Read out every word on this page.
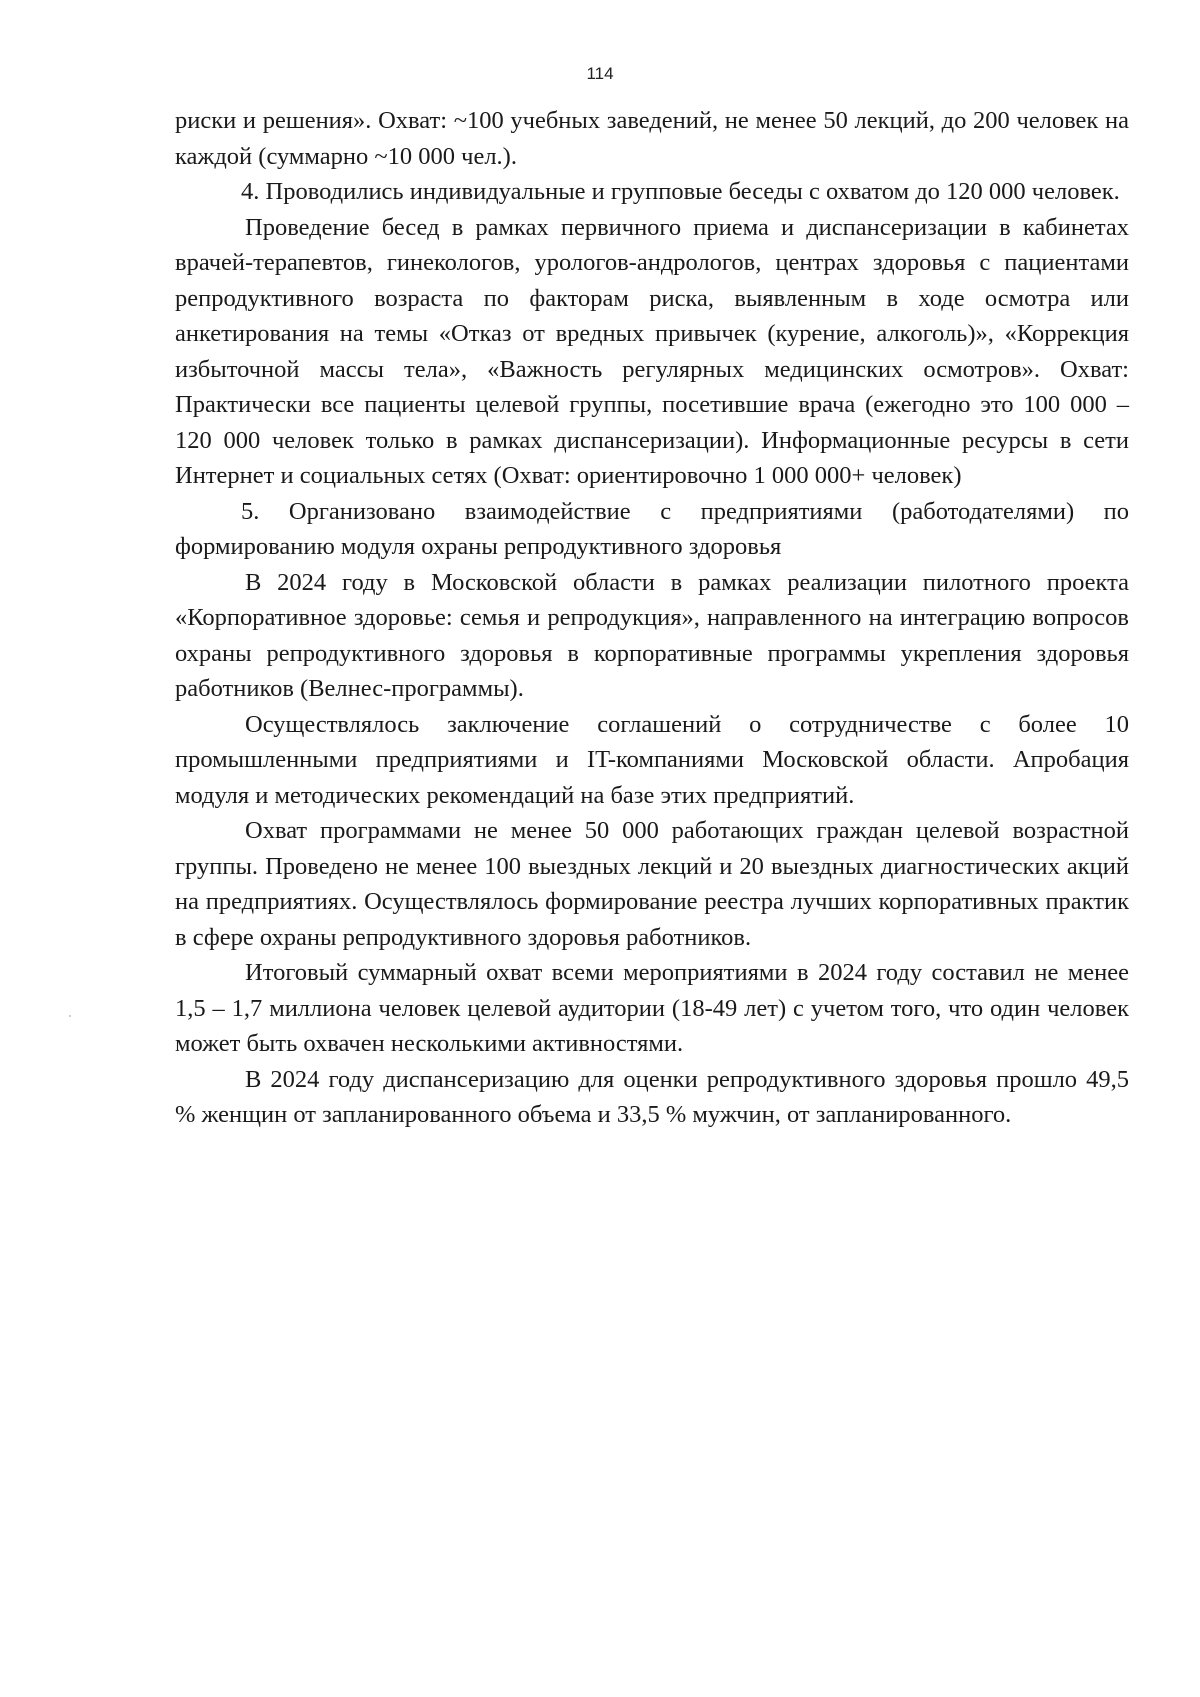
114

риски и решения». Охват: ~100 учебных заведений, не менее 50 лекций, до 200 человек на каждой (суммарно ~10 000 чел.).

4. Проводились индивидуальные и групповые беседы с охватом до 120 000 человек.

Проведение бесед в рамках первичного приема и диспансеризации в кабинетах врачей-терапевтов, гинекологов, урологов-андрологов, центрах здоровья с пациентами репродуктивного возраста по факторам риска, выявленным в ходе осмотра или анкетирования на темы «Отказ от вредных привычек (курение, алкоголь)», «Коррекция избыточной массы тела», «Важность регулярных медицинских осмотров». Охват: Практически все пациенты целевой группы, посетившие врача (ежегодно это 100 000 – 120 000 человек только в рамках диспансеризации). Информационные ресурсы в сети Интернет и социальных сетях (Охват: ориентировочно 1 000 000+ человек)

5. Организовано взаимодействие с предприятиями (работодателями) по формированию модуля охраны репродуктивного здоровья

В 2024 году в Московской области в рамках реализации пилотного проекта «Корпоративное здоровье: семья и репродукция», направленного на интеграцию вопросов охраны репродуктивного здоровья в корпоративные программы укрепления здоровья работников (Велнес-программы).

Осуществлялось заключение соглашений о сотрудничестве с более 10 промышленными предприятиями и IT-компаниями Московской области. Апробация модуля и методических рекомендаций на базе этих предприятий.

Охват программами не менее 50 000 работающих граждан целевой возрастной группы. Проведено не менее 100 выездных лекций и 20 выездных диагностических акций на предприятиях. Осуществлялось формирование реестра лучших корпоративных практик в сфере охраны репродуктивного здоровья работников.

Итоговый суммарный охват всеми мероприятиями в 2024 году составил не менее 1,5 – 1,7 миллиона человек целевой аудитории (18-49 лет) с учетом того, что один человек может быть охвачен несколькими активностями.

В 2024 году диспансеризацию для оценки репродуктивного здоровья прошло 49,5 % женщин от запланированного объема и 33,5 % мужчин, от запланированного.
